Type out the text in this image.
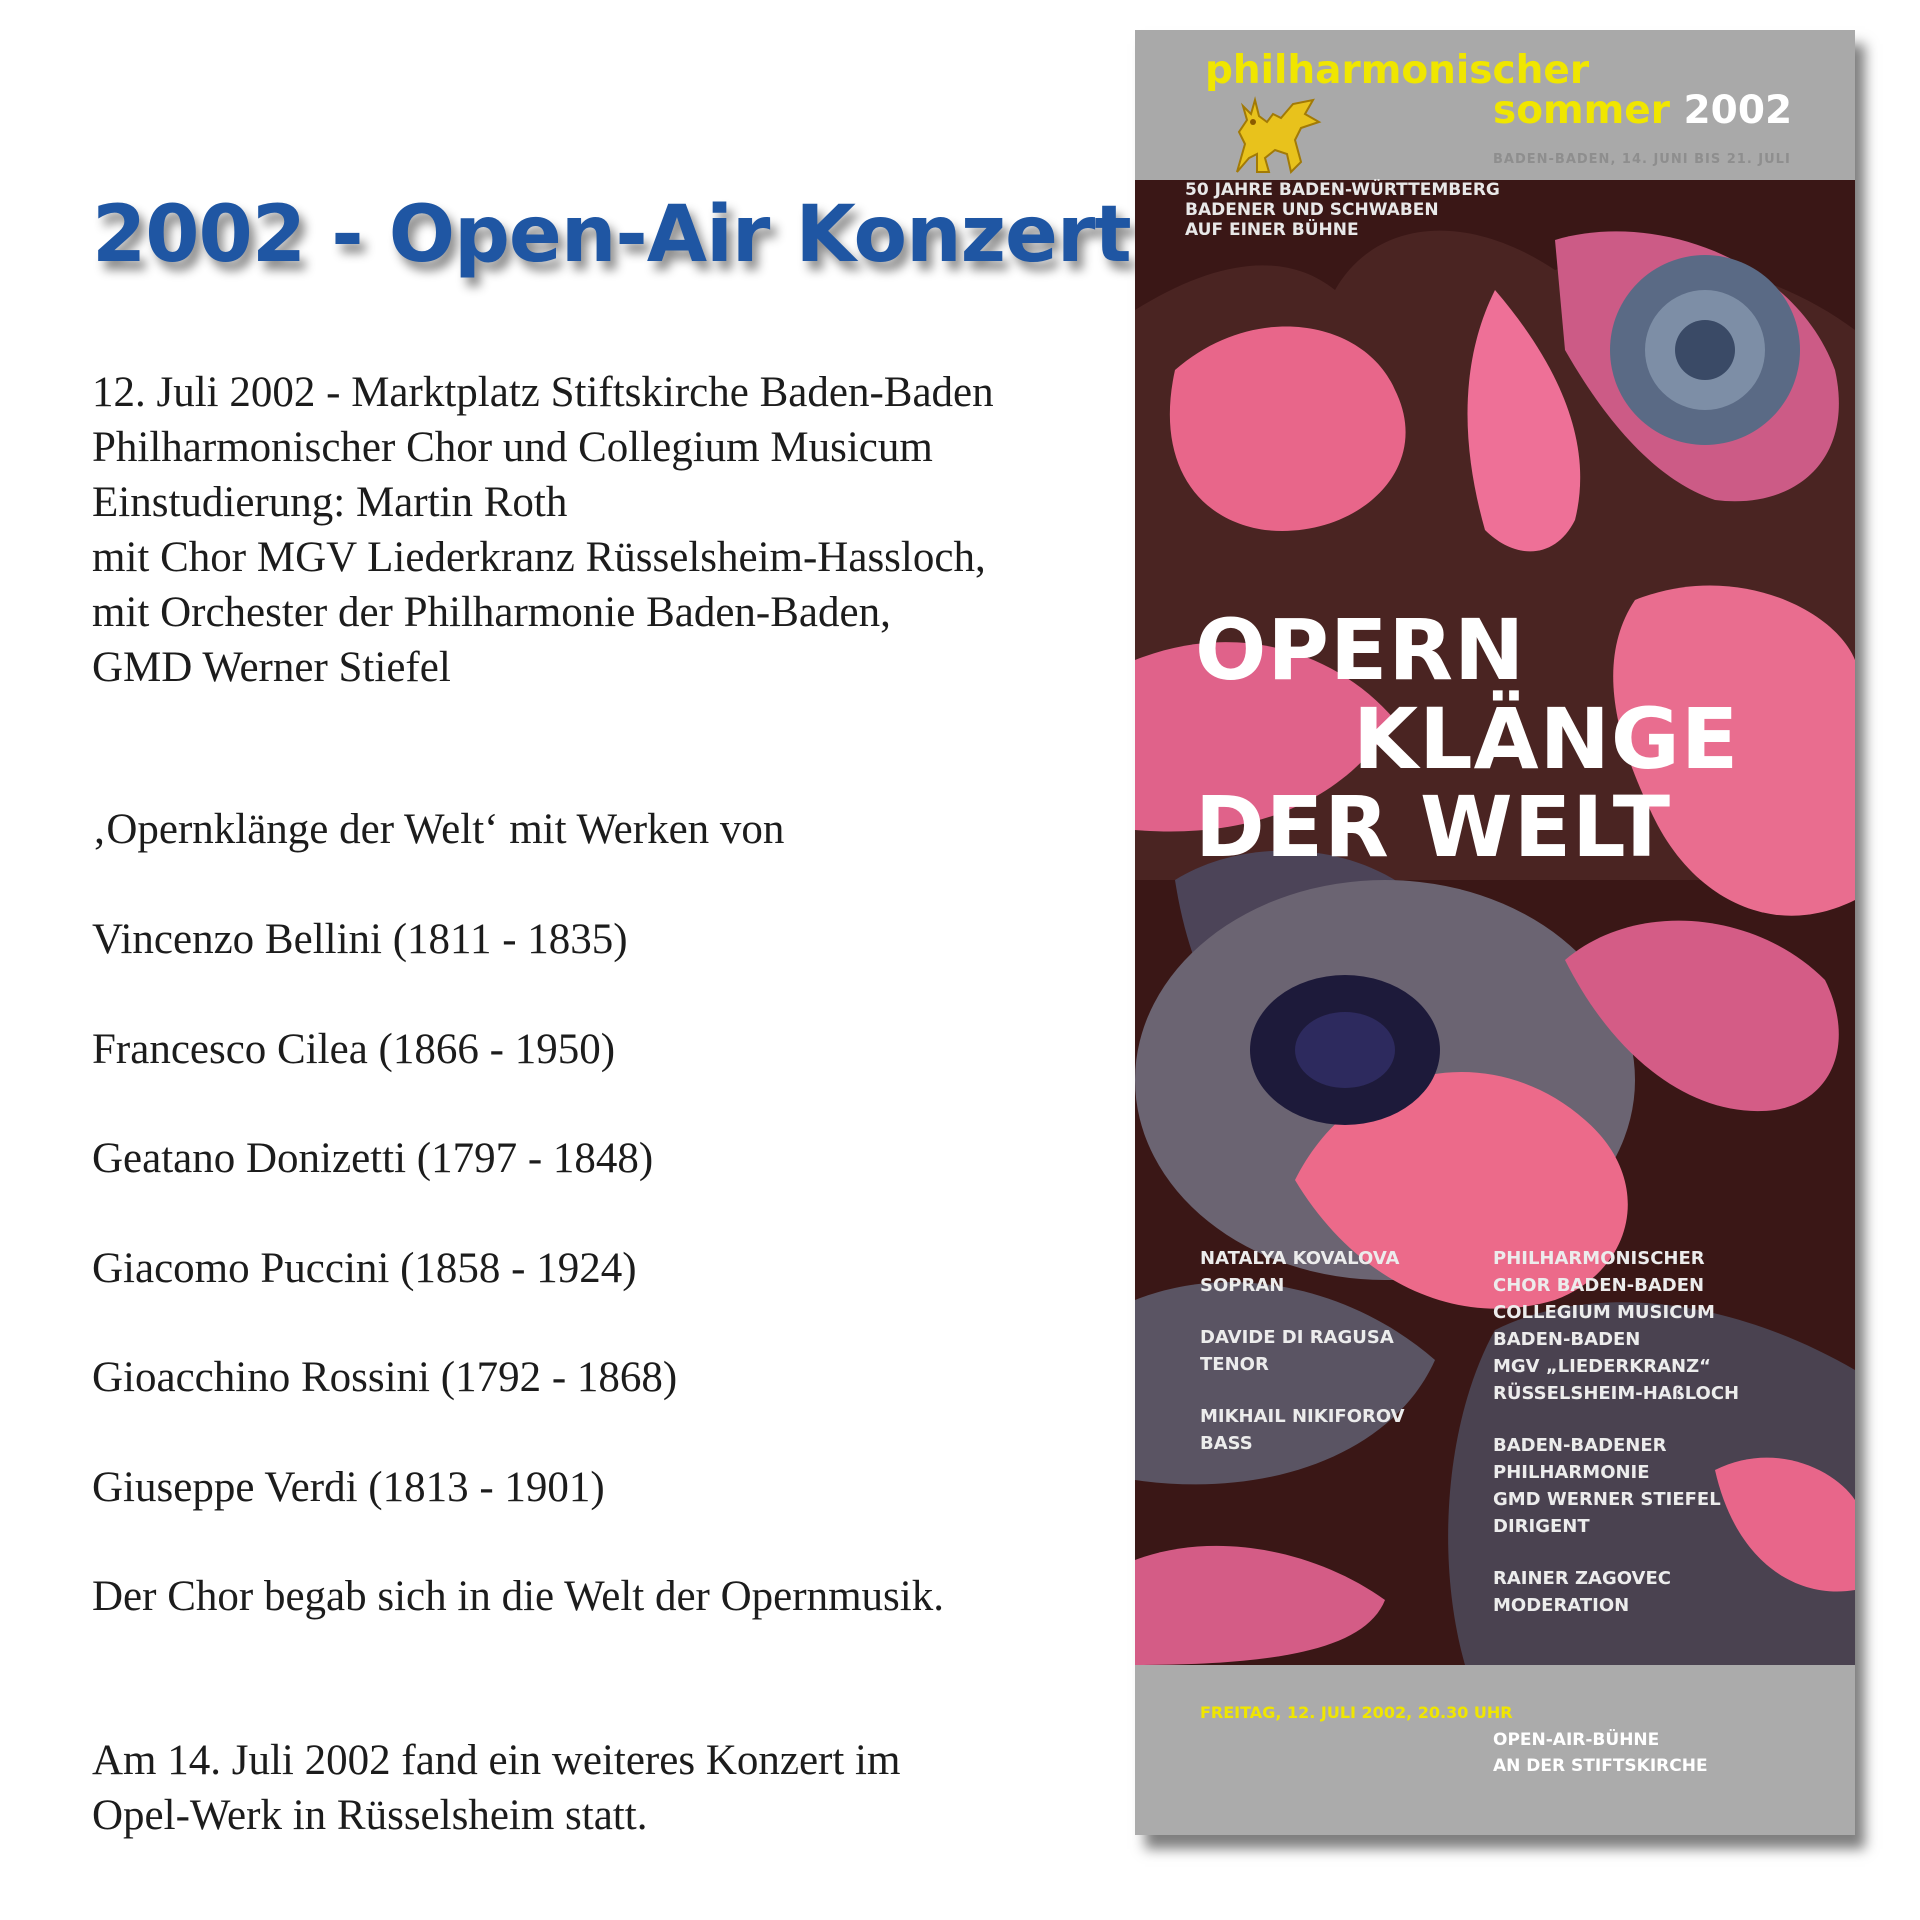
2002 - Open-Air Konzert
12. Juli 2002 - Marktplatz Stiftskirche Baden-Baden
Philharmonischer Chor und Collegium Musicum
Einstudierung: Martin Roth
mit Chor MGV Liederkranz Rüsselsheim-Hassloch,
mit Orchester der Philharmonie Baden-Baden,
GMD Werner Stiefel
‚Opernklänge der Welt‘ mit Werken von
Vincenzo Bellini (1811 - 1835)
Francesco Cilea (1866 - 1950)
Geatano Donizetti (1797 - 1848)
Giacomo Puccini (1858 - 1924)
Gioacchino Rossini (1792 - 1868)
Giuseppe Verdi (1813 - 1901)
Der Chor begab sich in die Welt der Opernmusik.
Am 14. Juli 2002 fand ein weiteres Konzert im
Opel-Werk in Rüsselsheim statt.
philharmonischer
sommer 2002
BADEN-BADEN, 14. JUNI BIS 21. JULI
50 JAHRE BADEN-WÜRTTEMBERG
BADENER UND SCHWABEN
AUF EINER BÜHNE
OPERN
KLÄNGE
DER WELT
NATALYA KOVALOVA
SOPRAN
DAVIDE DI RAGUSA
TENOR
MIKHAIL NIKIFOROV
BASS
PHILHARMONISCHER
CHOR BADEN-BADEN
COLLEGIUM MUSICUM
BADEN-BADEN
MGV „LIEDERKRANZ“
RÜSSELSHEIM-HAßLOCH
BADEN-BADENER
PHILHARMONIE
GMD WERNER STIEFEL
DIRIGENT
RAINER ZAGOVEC
MODERATION
FREITAG, 12. JULI 2002, 20.30 UHR
OPEN-AIR-BÜHNE
AN DER STIFTSKIRCHE
